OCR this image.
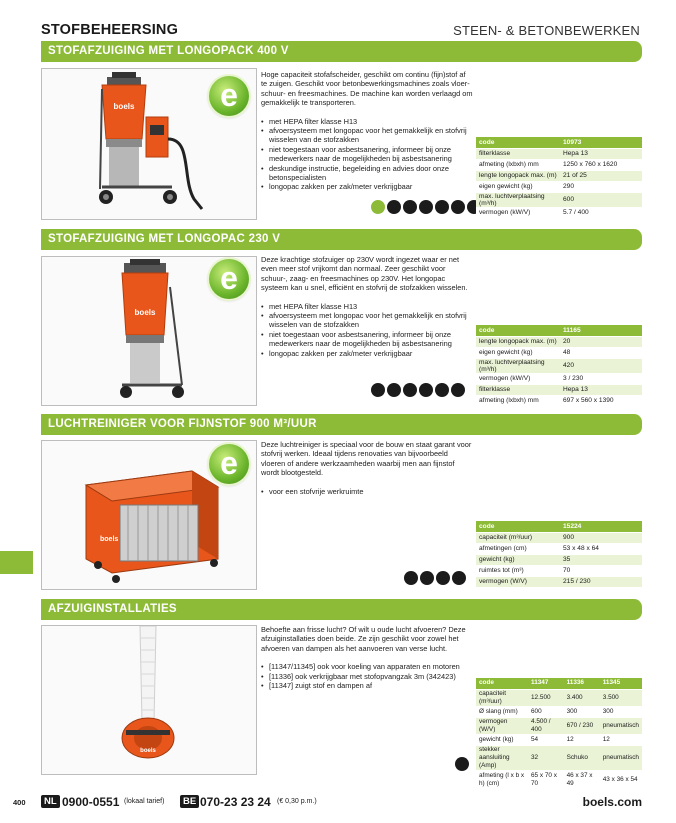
STOFBEHEERSING	STEEN- & BETONBEWERKEN
STOFAFZUIGING MET LONGOPACK 400 V
boels	e

Hoge capaciteit stofafscheider, geschikt om continu (fijn)stof af te zuigen. Geschikt voor betonbewerkingsmachines zoals vloer-schuur- en freesmachines. De machine kan worden verlaagd om gemakkelijk te transporteren.

• met HEPA filter klasse H13
• afvoersysteem met longopac voor het gemakkelijk en stofvrij wisselen van de stofzakken
• niet toegestaan voor asbestsanering, informeer bij onze medewerkers naar de mogelijkheden bij asbestsanering
• deskundige instructie, begeleiding en advies door onze betonspecialisten
• longopac zakken per zak/meter verkrijgbaar
code	10973
filterklasse	Hepa 13
afmeting (lxbxh) mm	1250 x 760 x 1620
lengte longopack max. (m)	21 of 25
eigen gewicht (kg)	290
max. luchtverplaatsing (m³/h)	600
vermogen (kW/V)	5.7 / 400
STOFAFZUIGING MET LONGOPAC 230 V
boels
e

Deze krachtige stofzuiger op 230V wordt ingezet waar er net even meer stof vrijkomt dan normaal. Zeer geschikt voor schuur-, zaag- en freesmachines op 230V. Het longopac systeem kan u snel, efficiënt en stofvrij de stofzakken wisselen.

• met HEPA filter klasse H13
• afvoersysteem met longopac voor het gemakkelijk en stofvrij wisselen van de stofzakken
• niet toegestaan voor asbestsanering, informeer bij onze medewerkers naar de mogelijkheden bij asbestsanering
• longopac zakken per zak/meter verkrijgbaar
code	11165
lengte longopack max. (m)	20
eigen gewicht (kg)	48
max. luchtverplaatsing (m³/h)	420
vermogen (kW/V)	3 / 230
filterklasse	Hepa 13
afmeting (lxbxh) mm	697 x 560 x 1390
LUCHTREINIGER VOOR FIJNSTOF 900 M³/UUR
boels
e

Deze luchtreiniger is speciaal voor de bouw en staat garant voor stofvrij werken. Ideaal tijdens renovaties van bijvoorbeeld vloeren of andere werkzaamheden waarbij men aan fijnstof wordt blootgesteld.

• voor een stofvrije werkruimte
code	15224
capaciteit (m³/uur)	900
afmetingen (cm)	53 x 48 x 64
gewicht (kg)	35
ruimtes tot (m³)	70
vermogen (W/V)	215 / 230
AFZUIGINSTALLATIES
boels

Behoefte aan frisse lucht? Of wilt u oude lucht afvoeren? Deze afzuiginstallaties doen beide. Ze zijn geschikt voor zowel het afvoeren van dampen als het aanvoeren van verse lucht.

• [11347/11345] ook voor koeling van apparaten en motoren
• [11336] ook verkrijgbaar met stofopvangzak 3m (342423)
• [11347] zuigt stof en dampen af	code	11347	11336	11345
capaciteit (m³/uur)	12.500	3.400	3.500
Ø slang (mm)	600	300	300
vermogen (W/V)	4.500 / 400	670 / 230	pneumatisch
gewicht (kg)	54	12	12
stekker aansluiting (Amp)	32	Schuko	pneumatisch
afmeting (l x b x h) (cm)	65 x 70 x 70	46 x 37 x 49	43 x 36 x 54
400	NL 0900-0551 (lokaal tarief)	BE 070-23 23 24 (€ 0,30 p.m.)	boels.com
